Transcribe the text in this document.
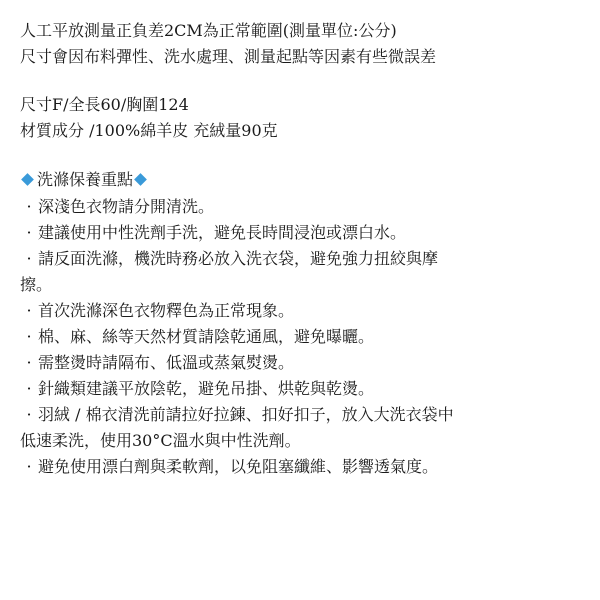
人工平放測量正負差2CM為正常範圍(測量單位:公分)
尺寸會因布料彈性、洗水處理、測量起點等因素有些微誤差
尺寸F/全長60/胸圍124
材質成分 /100%綿羊皮 充絨量90克
洗滌保養重點
· 深淺色衣物請分開清洗。
· 建議使用中性洗劑手洗，避免長時間浸泡或漂白水。
· 請反面洗滌，機洗時務必放入洗衣袋，避免強力扭絞與摩
擦。
· 首次洗滌深色衣物釋色為正常現象。
· 棉、麻、絲等天然材質請陰乾通風，避免曝曬。
· 需整燙時請隔布、低溫或蒸氣熨燙。
· 針織類建議平放陰乾，避免吊掛、烘乾與乾燙。
· 羽絨 / 棉衣清洗前請拉好拉鍊、扣好扣子，放入大洗衣袋中
低速柔洗，使用30°C溫水與中性洗劑。
· 避免使用漂白劑與柔軟劑，以免阻塞纖維、影響透氣度。
